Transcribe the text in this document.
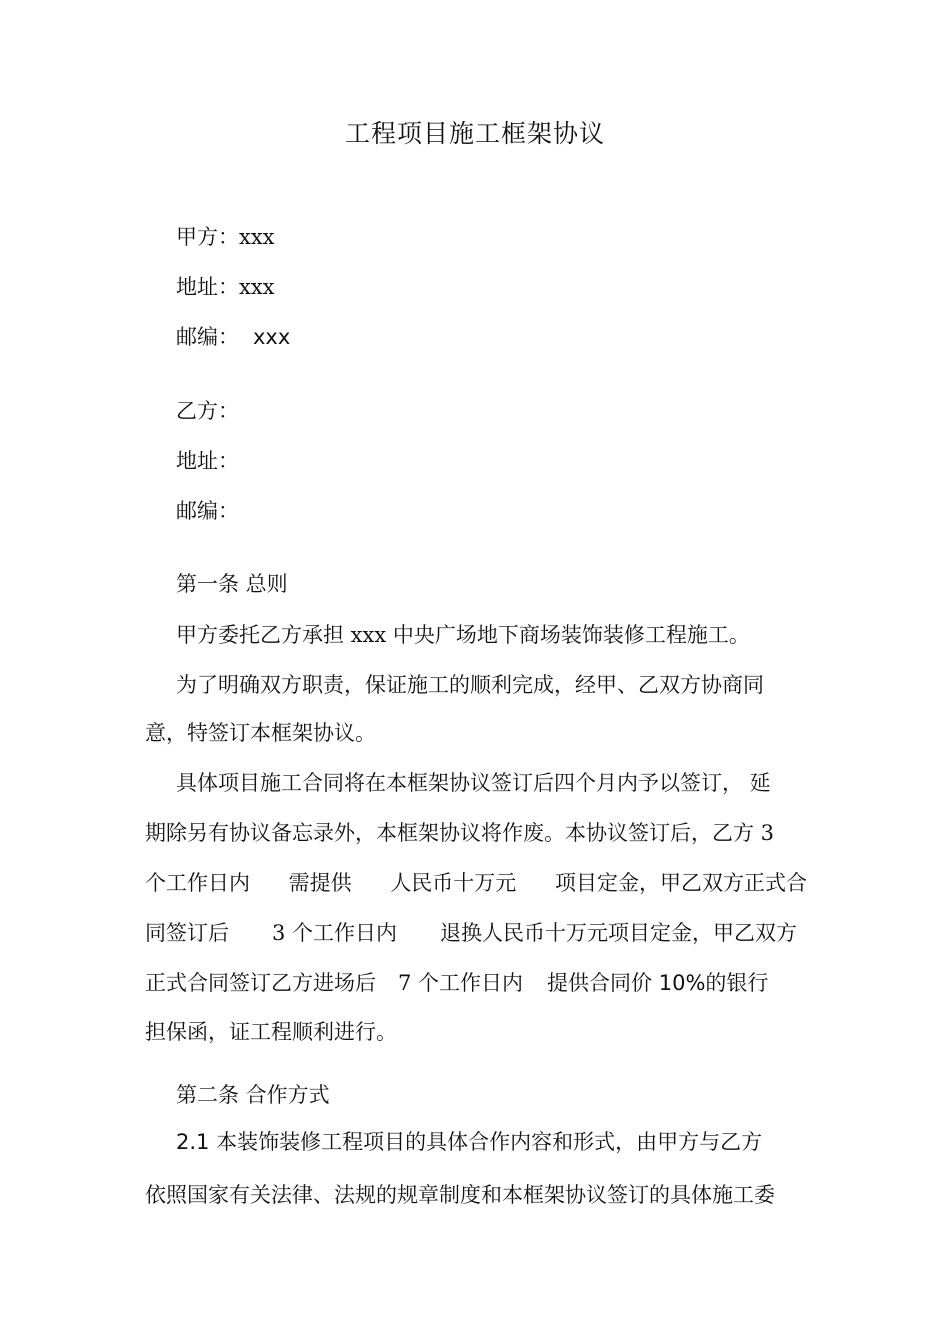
工程项目施工框架协议
甲方：xxx
地址：xxx
邮编： xxx
乙方：
地址：
邮编：
第一条 总则
甲方委托乙方承担 xxx 中央广场地下商场装饰装修工程施工。
为了明确双方职责，保证施工的顺利完成，经甲、乙双方协商同
意，特签订本框架协议。
具体项目施工合同将在本框架协议签订后四个月内予以签订， 延
期除另有协议备忘录外，本框架协议将作废。本协议签订后，乙方 3
个工作日内 需提供 人民币十万元 项目定金，甲乙双方正式合
同签订后 3 个工作日内 退换人民币十万元项目定金，甲乙双方
正式合同签订乙方进场后 7 个工作日内 提供合同价 10%的银行
担保函，证工程顺利进行。
第二条 合作方式
2.1 本装饰装修工程项目的具体合作内容和形式，由甲方与乙方
依照国家有关法律、法规的规章制度和本框架协议签订的具体施工委
